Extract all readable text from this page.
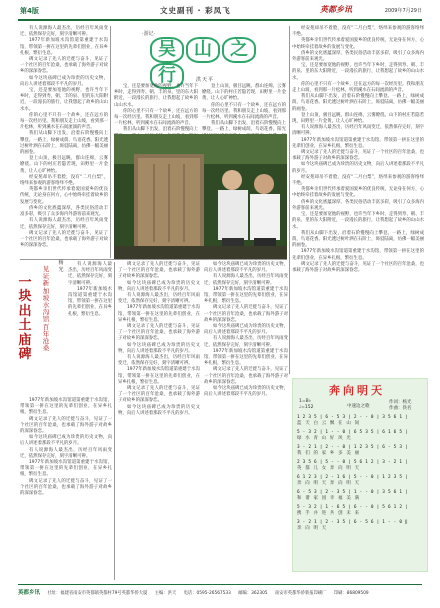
第4版	文史副刊 · 彩凤飞	英都乡讯	2009年7月29日

有人说源海人最杰出，历经百年风雨变迁，依然保存完好，刻字清晰可辨。

1977年新加坡水沟馆道第重建于水沟馆，带领第一拼在这里的先辈们创业，在异乡扎根，繁衍生息。

碑文记录了先人的迁徙与奋斗，见证了一个社区的百年沧桑，也承载了海外游子对故乡的深深眷恋。

如今这块庙碑已成为珍贵的历史文物，向后人讲述着那段不平凡的岁月。

宝，还是要加宽他的视野，也许当年下乡时，走得到寿、朝、丰的泉、里的东大阳附近，一段漫长的旅行，让我想起了故乡的山山水水。

你的心里不只有一个故乡，还在远方的每一次经历里。我和朋友走上山坡，看到那一片松林，听到溪水在石间流淌的声音。

我们从山脚下出发，沿着石阶慢慢向上攀登。一路上，绿树成荫，鸟语花香。阳光透过树叶洒在石阶上，斑驳陆离，仿佛一幅美丽的画卷。

登上山顶，极目远眺，群山连绵，云雾缭绕。山下的村庄若隐若现，田野里一片金黄，让人心旷神怡。

经安苑却吊不着脸，没有“二月白梨”，络绎来参观的游客络绎不绝。

英都乡亲们世代传承着爱国爱乡的优良传统，无论身在何方，心中始终牵挂着故乡的发展与变化。

侨乡的文化底蕴深厚，各类民俗活动丰富多彩，吸引了众多海内外游客前来观光。

有人说源海人最杰出，历经百年风雨变迁，依然保存完好，刻字清晰可辨。

碑文记录了先人的迁徙与奋斗，见证了一个社区的百年沧桑，也承载了海外游子对故乡的深深眷恋。

·游记·
吴 山 之行	洪天平

宝，还是要加宽他的视野，也许当年下乡时，走得到寿、朝、丰的泉、里的东大阳附近，一段漫长的旅行，让我想起了故乡的山山水水。

你的心里不只有一个故乡，还在远方的每一次经历里。我和朋友走上山坡，看到那一片松林，听到溪水在石间流淌的声音。

我们从山脚下出发，沿着石阶慢慢向上

登上山顶，极目远眺，群山连绵，云雾缭绕。山下的村庄若隐若现，田野里一片金黄，让人心旷神怡。

你的心里不只有一个故乡，还在远方的每一次经历里。我和朋友走上山坡，看到那一片松林，听到溪水在石间流淌的声音。

我们从山脚下出发，沿着石阶慢慢向上攀登。一路上，绿树成荫，鸟语花香。阳光

经安苑却吊不着脸，没有“二月白梨”，络绎来参观的游客络绎不绝。

英都乡亲们世代传承着爱国爱乡的优良传统，无论身在何方，心中始终牵挂着故乡的发展与变化。

侨乡的文化底蕴深厚，各类民俗活动丰富多彩，吸引了众多海内外游客前来观光。

宝，还是要加宽他的视野，也许当年下乡时，走得到寿、朝、丰的泉、里的东大阳附近，一段漫长的旅行，让我想起了故乡的山山水水。

你的心里不只有一个故乡，还在远方的每一次经历里。我和朋友走上山坡，看到那一片松林，听到溪水在石间流淌的声音。

我们从山脚下出发，沿着石阶慢慢向上攀登。一路上，绿树成荫，鸟语花香。阳光透过树叶洒在石阶上，斑驳陆离，仿佛一幅美丽的画卷。

登上山顶，极目远眺，群山连绵，云雾缭绕。山下的村庄若隐若现，田野里一片金黄，让人心旷神怡。

有人说源海人最杰出，历经百年风雨变迁，依然保存完好，刻字清晰可辨。

1977年新加坡水沟馆道第重建于水沟馆，带领第一拼在这里的先辈们创业，在异乡扎根，繁衍生息。

碑文记录了先人的迁徙与奋斗，见证了一个社区的百年沧桑，也承载了海外游子对故乡的深深眷恋。

如今这块庙碑已成为珍贵的历史文物，向后人讲述着那段不平凡的岁月。

经安苑却吊不着脸，没有“二月白梨”，络绎来参观的游客络绎不绝。

英都乡亲们世代传承着爱国爱乡的优良传统，无论身在何方，心中始终牵挂着故乡的发展与变化。

侨乡的文化底蕴深厚，各类民俗活动丰富多彩，吸引了众多海内外游客前来观光。

宝，还是要加宽他的视野，也许当年下乡时，走得到寿、朝、丰的泉、里的东大阳附近，一段漫长的旅行，让我想起了故乡的山山水水。

我们从山脚下出发，沿着石阶慢慢向上攀登。一路上，绿树成荫，鸟语花香。阳光透过树叶洒在石阶上，斑驳陆离，仿佛一幅美丽的画卷。

1977年新加坡水沟馆道第重建于水沟馆，带领第一拼在这里的先辈们创业，在异乡扎根，繁衍生息。

碑文记录了先人的迁徙与奋斗，见证了一个社区的百年沧桑，也承载了海外游子对故乡的深深眷恋。

一
块
出
土
庙
碑
见
证
新
加
坡
水
沟
馆
百
年
沧
桑
杨
光

有人说源海人最杰出，历经百年风雨变迁，依然保存完好，刻字清晰可辨。

1977年新加坡水沟馆道第重建于水沟馆，带领第一拼在这里的先辈们创业，在异乡扎根，繁衍生息。

1977年新加坡水沟馆道第重建于水沟馆，带领第一拼在这里的先辈们创业，在异乡扎根，繁衍生息。

碑文记录了先人的迁徙与奋斗，见证了一个社区的百年沧桑，也承载了海外游子对故乡的深深眷恋。

如今这块庙碑已成为珍贵的历史文物，向后人讲述着那段不平凡的岁月。

有人说源海人最杰出，历经百年风雨变迁，依然保存完好，刻字清晰可辨。

1977年新加坡水沟馆道第重建于水沟馆，带领第一拼在这里的先辈们创业，在异乡扎根，繁衍生息。

碑文记录了先人的迁徙与奋斗，见证了一个社区的百年沧桑，也承载了海外游子对故乡的深深眷恋。

碑文记录了先人的迁徙与奋斗，见证了一个社区的百年沧桑，也承载了海外游子对故乡的深深眷恋。

如今这块庙碑已成为珍贵的历史文物，向后人讲述着那段不平凡的岁月。

有人说源海人最杰出，历经百年风雨变迁，依然保存完好，刻字清晰可辨。

1977年新加坡水沟馆道第重建于水沟馆，带领第一拼在这里的先辈们创业，在异乡扎根，繁衍生息。

碑文记录了先人的迁徙与奋斗，见证了一个社区的百年沧桑，也承载了海外游子对故乡的深深眷恋。

如今这块庙碑已成为珍贵的历史文物，向后人讲述着那段不平凡的岁月。

有人说源海人最杰出，历经百年风雨变迁，依然保存完好，刻字清晰可辨。

1977年新加坡水沟馆道第重建于水沟馆，带领第一拼在这里的先辈们创业，在异乡扎根，繁衍生息。

碑文记录了先人的迁徙与奋斗，见证了一个社区的百年沧桑，也承载了海外游子对故乡的深深眷恋。

如今这块庙碑已成为珍贵的历史文物，向后人讲述着那段不平凡的岁月。

如今这块庙碑已成为珍贵的历史文物，向后人讲述着那段不平凡的岁月。

有人说源海人最杰出，历经百年风雨变迁，依然保存完好，刻字清晰可辨。

1977年新加坡水沟馆道第重建于水沟馆，带领第一拼在这里的先辈们创业，在异乡扎根，繁衍生息。

碑文记录了先人的迁徙与奋斗，见证了一个社区的百年沧桑，也承载了海外游子对故乡的深深眷恋。

如今这块庙碑已成为珍贵的历史文物，向后人讲述着那段不平凡的岁月。

有人说源海人最杰出，历经百年风雨变迁，依然保存完好，刻字清晰可辨。

1977年新加坡水沟馆道第重建于水沟馆，带领第一拼在这里的先辈们创业，在异乡扎根，繁衍生息。

碑文记录了先人的迁徙与奋斗，见证了一个社区的百年沧桑，也承载了海外游子对故乡的深深眷恋。

如今这块庙碑已成为珍贵的历史文物，向后人讲述着那段不平凡的岁月。	奔向明天
1=B♭
♩=152	中速边之歌
作词：杨光
作曲：佚名
1 2 3 5 | 6 - 5 3 | 2 - - 0 | 3 5 6 1 |
蓝 天 白 云 飘 在 山 间
5 - 3 2 | 1 - - 0 | 6 5 3 5 | 6 1 6 5 |
绿 水 青 山 好 风 光
3 - 2 1 | 2 - - 0 | 1 2 3 5 | 6 - 5 3 |
我 们 的 家 乡 多 美 丽
2 3 5 6 | 5 - - 0 | 5 6 1 2 | 3 - 2 1 |
英 都 儿 女 奔 向 明 天
6 1 2 3 | 2 - 1 6 | 5 - - 0 | 1 2 3 5 |
奔 向 明 天 奔 向 明 天
6 - 5 3 | 2 - 3 5 | 1 - - 0 | 3 5 6 1 |
和 谐 家 园 幸 福 美 满
5 - 3 2 | 1 - 6 5 | 6 - - 0 | 5 6 1 2 |
携 手 并 进 共 创 未 来
3 - 2 1 | 2 - 3 5 | 6 - 5 6 | 1 - - 0 ‖
奔 向 明 天
英都乡讯 社址：福建省南安市英都镇英都村79号英都华侨大厦 主编：洪天 电话：0595-26567533 邮编：362305 南安市英都华侨新报印刷厂 印刷：86809509
